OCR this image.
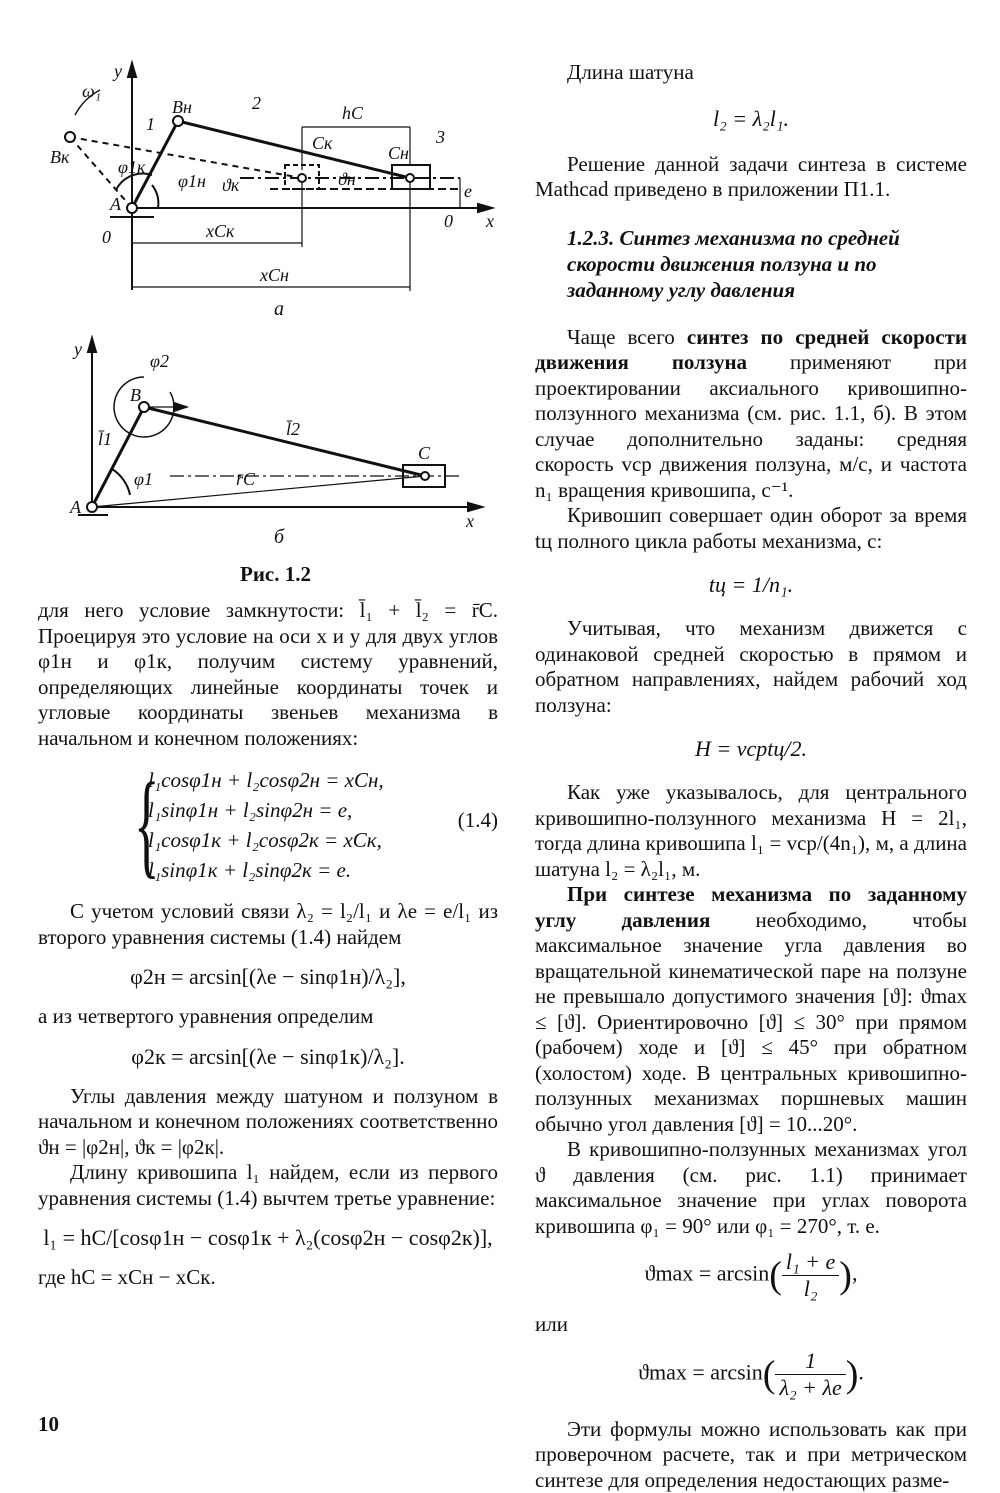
y
x
ω₁
Bн
Bк
A
0
0
1
2
3
hC
Cк	Cн
φ1к
φ1н ϑк	ϑн
e
xCк
xCн
а
y
x
φ2
B
l̄1	l̄2
C
r̄C
φ1
A
б
Рис. 1.2

для него условие замкнутости: l̄₁ + l̄₂ = r̄C. Проецируя это условие на оси x и y для двух углов φ1н и φ1к, получим систему уравнений, определяющих линейные координаты точек и угловые координаты звеньев механизма в начальном и конечном положениях:

{
l₁cosφ1н + l₂cosφ2н = xCн,
l₁sinφ1н + l₂sinφ2н = e,
l₁cosφ1к + l₂cosφ2к = xCк,
l₁sinφ1к + l₂sinφ2к = e.
(1.4)

С учетом условий связи λ₂ = l₂/l₁ и λe = e/l₁ из второго уравнения системы (1.4) найдем

φ2н = arcsin[(λe − sinφ1н)/λ₂],

а из четвертого уравнения определим

φ2к = arcsin[(λe − sinφ1к)/λ₂].

Углы давления между шатуном и ползуном в начальном и конечном положениях соответственно ϑн = |φ2н|, ϑк = |φ2к|.

Длину кривошипа l₁ найдем, если из первого уравнения системы (1.4) вычтем третье уравнение:

l₁ = hC/[cosφ1н − cosφ1к + λ₂(cosφ2н − cosφ2к)],

где hC = xCн − xCк.

Длина шатуна

l₂ = λ₂l₁.

Решение данной задачи синтеза в системе Mathcad приведено в приложении П1.1.

1.2.3. Синтез механизма по средней скорости движения ползуна и по заданному углу давления

Чаще всего синтез по средней скорости движения ползуна применяют при проектировании аксиального кривошипно-ползунного механизма (см. рис. 1.1, б). В этом случае дополнительно заданы: средняя скорость vср движения ползуна, м/с, и частота n₁ вращения кривошипа, с⁻¹.

Кривошип совершает один оборот за время tц полного цикла работы механизма, с:

tц = 1/n₁.

Учитывая, что механизм движется с одинаковой средней скоростью в прямом и обратном направлениях, найдем рабочий ход ползуна:

H = vсрtц/2.

Как уже указывалось, для центрального кривошипно-ползунного механизма H = 2l₁, тогда длина кривошипа l₁ = vср/(4n₁), м, а длина шатуна l₂ = λ₂l₁, м.

При синтезе механизма по заданному углу давления необходимо, чтобы максимальное значение угла давления во вращательной кинематической паре на ползуне не превышало допустимого значения [ϑ]: ϑmax ≤ [ϑ]. Ориентировочно [ϑ] ≤ 30° при прямом (рабочем) ходе и [ϑ] ≤ 45° при обратном (холостом) ходе. В центральных кривошипно-ползунных механизмах поршневых машин обычно угол давления [ϑ] = 10...20°.

В кривошипно-ползунных механизмах угол ϑ давления (см. рис. 1.1) принимает максимальное значение при углах поворота кривошипа φ₁ = 90° или φ₁ = 270°, т. е.

$ϑ\max = \arcsin( \frac{\text{l₁ + e}}{\text{l₂}}$ ),

или

$ϑ\max = \arcsin( \frac{1}{\text{λ₂ + λe}}$ ).

Эти формулы можно использовать как при проверочном расчете, так и при метрическом синтезе для определения недостающих разме-

10
